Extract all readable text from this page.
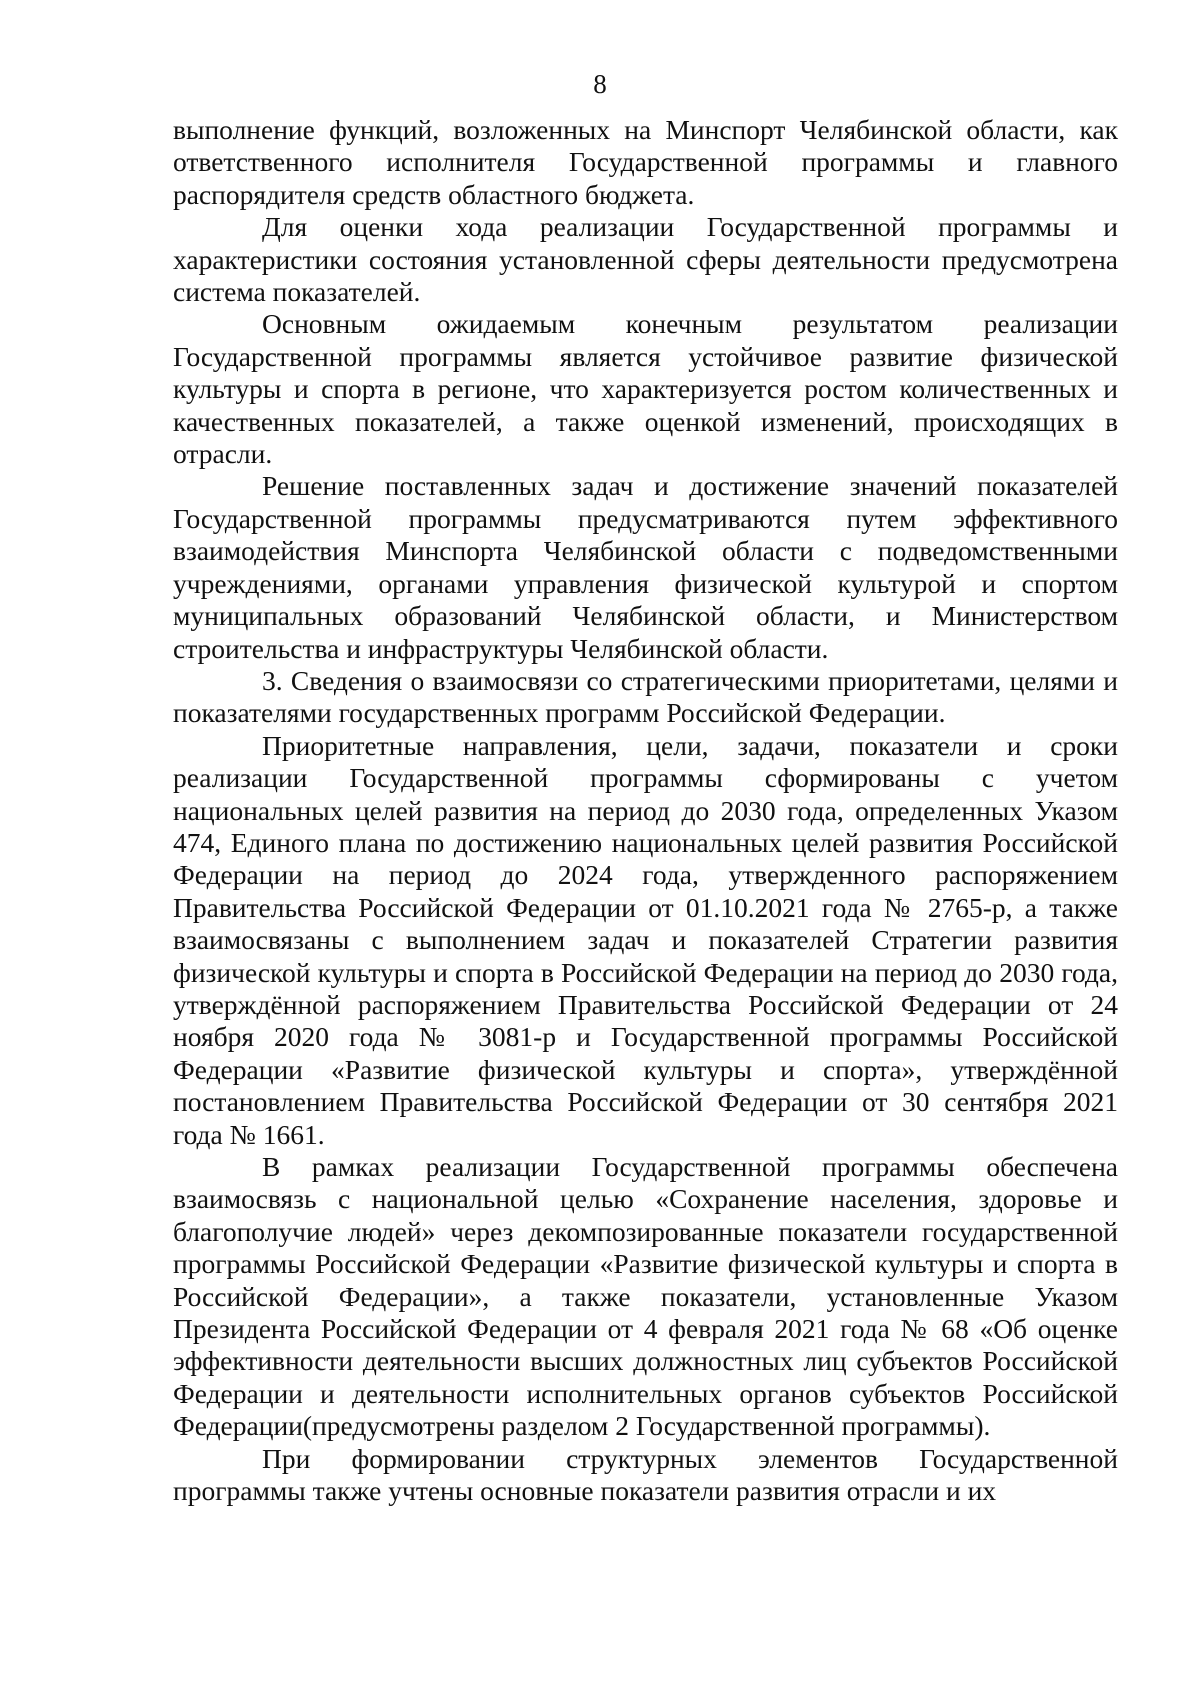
8

выполнение функций, возложенных на Минспорт Челябинской области, как ответственного исполнителя Государственной программы и главного распорядителя средств областного бюджета.

Для оценки хода реализации Государственной программы и характеристики состояния установленной сферы деятельности предусмотрена система показателей.

Основным ожидаемым конечным результатом реализации Государственной программы является устойчивое развитие физической культуры и спорта в регионе, что характеризуется ростом количественных и качественных показателей, а также оценкой изменений, происходящих в отрасли.

Решение поставленных задач и достижение значений показателей Государственной программы предусматриваются путем эффективного взаимодействия Минспорта Челябинской области с подведомственными учреждениями, органами управления физической культурой и спортом муниципальных образований Челябинской области, и Министерством строительства и инфраструктуры Челябинской области.

3. Сведения о взаимосвязи со стратегическими приоритетами, целями и показателями государственных программ Российской Федерации.

Приоритетные направления, цели, задачи, показатели и сроки реализации Государственной программы сформированы с учетом национальных целей развития на период до 2030 года, определенных Указом 474, Единого плана по достижению национальных целей развития Российской Федерации на период до 2024 года, утвержденного распоряжением Правительства Российской Федерации от 01.10.2021 года № 2765-р, а также взаимосвязаны с выполнением задач и показателей Стратегии развития физической культуры и спорта в Российской Федерации на период до 2030 года, утверждённой распоряжением Правительства Российской Федерации от 24 ноября 2020 года № 3081-р и Государственной программы Российской Федерации «Развитие физической культуры и спорта», утверждённой постановлением Правительства Российской Федерации от 30 сентября 2021 года № 1661.

В рамках реализации Государственной программы обеспечена взаимосвязь с национальной целью «Сохранение населения, здоровье и благополучие людей» через декомпозированные показатели государственной программы Российской Федерации «Развитие физической культуры и спорта в Российской Федерации», а также показатели, установленные Указом Президента Российской Федерации от 4 февраля 2021 года № 68 «Об оценке эффективности деятельности высших должностных лиц субъектов Российской Федерации и деятельности исполнительных органов субъектов Российской Федерации(предусмотрены разделом 2 Государственной программы).

При формировании структурных элементов Государственной программы также учтены основные показатели развития отрасли и их
